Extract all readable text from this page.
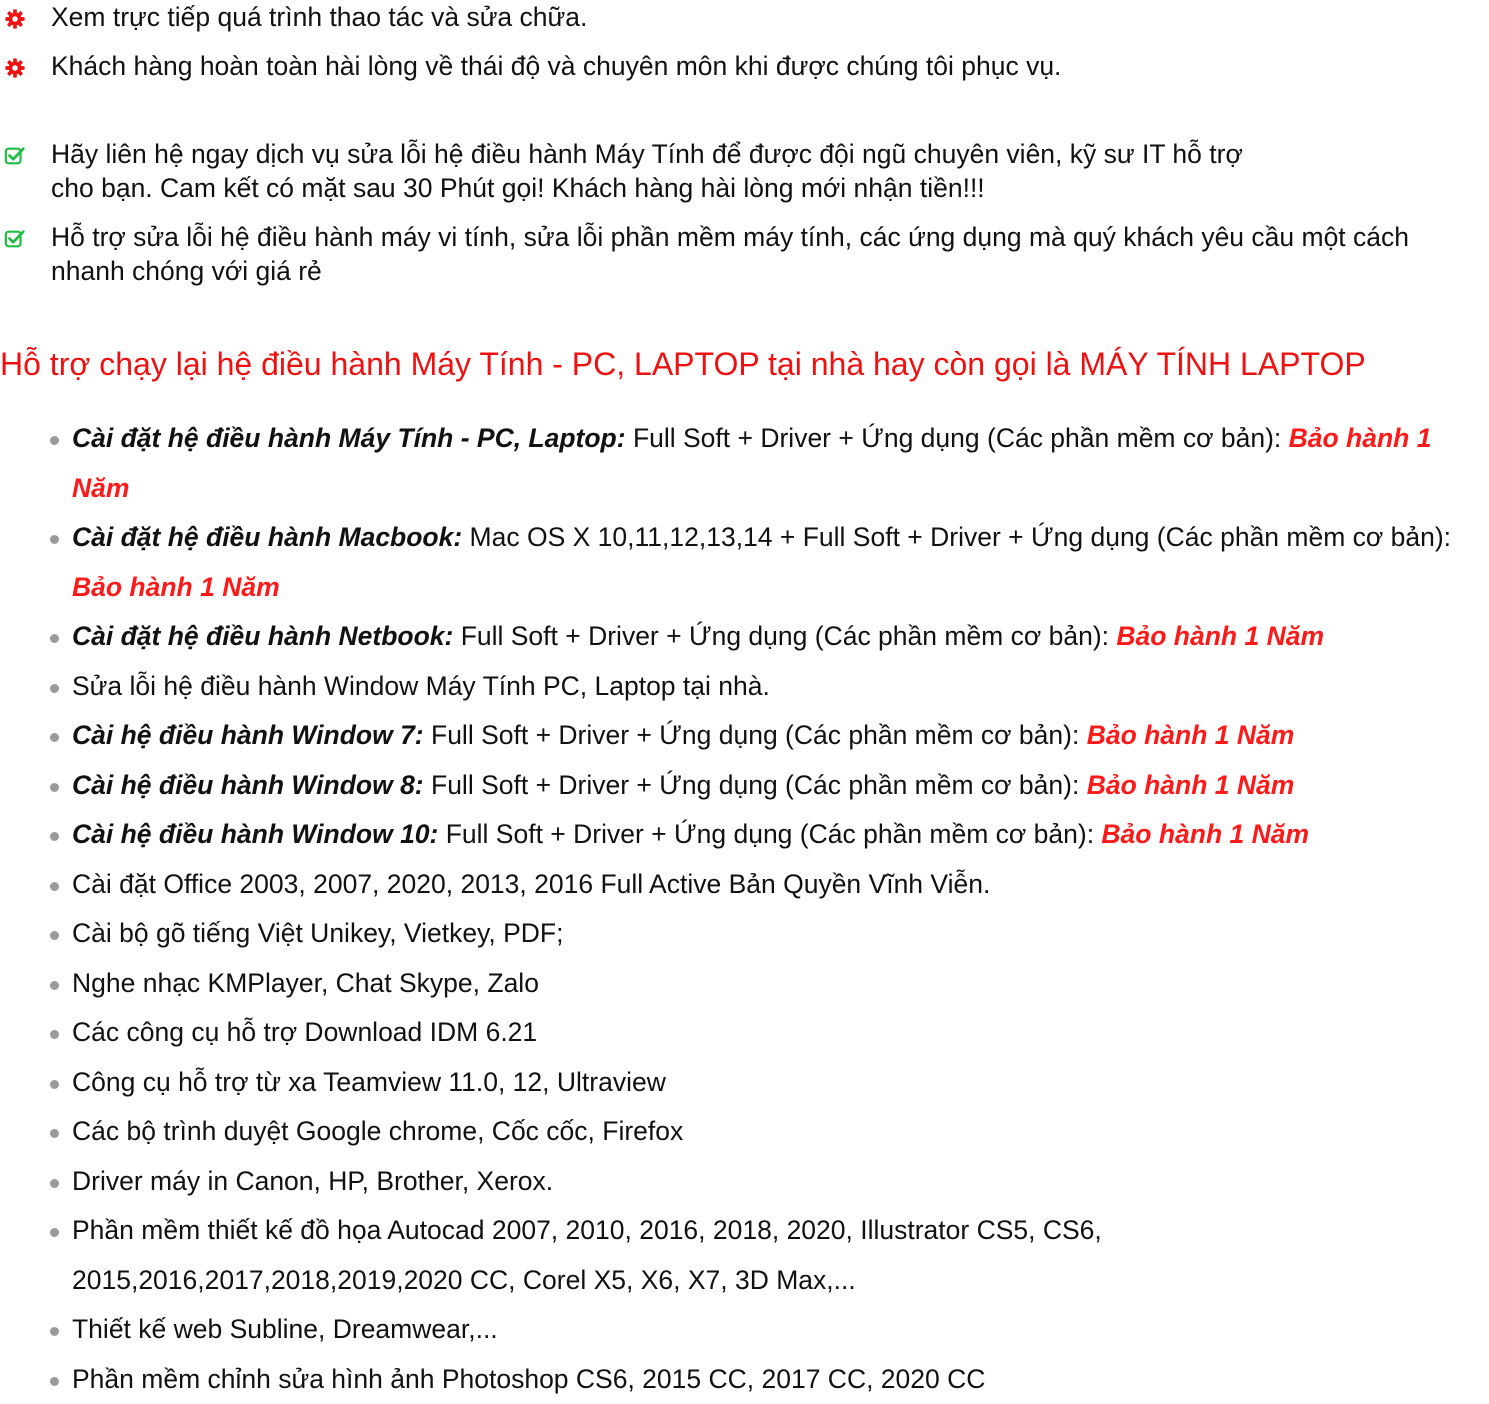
Xem trực tiếp quá trình thao tác và sửa chữa.
Khách hàng hoàn toàn hài lòng về thái độ và chuyên môn khi được chúng tôi phục vụ.
Hãy liên hệ ngay dịch vụ sửa lỗi hệ điều hành Máy Tính để được đội ngũ chuyên viên, kỹ sư IT hỗ trợ cho bạn. Cam kết có mặt sau 30 Phút gọi! Khách hàng hài lòng mới nhận tiền!!!
Hỗ trợ sửa lỗi hệ điều hành máy vi tính, sửa lỗi phần mềm máy tính, các ứng dụng mà quý khách yêu cầu một cách nhanh chóng với giá rẻ
Hỗ trợ chạy lại hệ điều hành Máy Tính - PC, LAPTOP tại nhà hay còn gọi là MÁY TÍNH LAPTOP
Cài đặt hệ điều hành Máy Tính - PC, Laptop: Full Soft + Driver + Ứng dụng (Các phần mềm cơ bản): Bảo hành 1 Năm
Cài đặt hệ điều hành Macbook: Mac OS X 10,11,12,13,14 + Full Soft + Driver + Ứng dụng (Các phần mềm cơ bản): Bảo hành 1 Năm
Cài đặt hệ điều hành Netbook: Full Soft + Driver + Ứng dụng (Các phần mềm cơ bản): Bảo hành 1 Năm
Sửa lỗi hệ điều hành Window Máy Tính PC, Laptop tại nhà.
Cài hệ điều hành Window 7: Full Soft + Driver + Ứng dụng (Các phần mềm cơ bản): Bảo hành 1 Năm
Cài hệ điều hành Window 8: Full Soft + Driver + Ứng dụng (Các phần mềm cơ bản): Bảo hành 1 Năm
Cài hệ điều hành Window 10: Full Soft + Driver + Ứng dụng (Các phần mềm cơ bản): Bảo hành 1 Năm
Cài đặt Office 2003, 2007, 2020, 2013, 2016 Full Active Bản Quyền Vĩnh Viễn.
Cài bộ gõ tiếng Việt Unikey, Vietkey, PDF;
Nghe nhạc KMPlayer, Chat Skype, Zalo
Các công cụ hỗ trợ Download IDM 6.21
Công cụ hỗ trợ từ xa Teamview 11.0, 12, Ultraview
Các bộ trình duyệt Google chrome, Cốc cốc, Firefox
Driver máy in Canon, HP, Brother, Xerox.
Phần mềm thiết kế đồ họa Autocad 2007, 2010, 2016, 2018, 2020, Illustrator CS5, CS6, 2015,2016,2017,2018,2019,2020 CC, Corel X5, X6, X7, 3D Max,...
Thiết kế web Subline, Dreamwear,...
Phần mềm chỉnh sửa hình ảnh Photoshop CS6, 2015 CC, 2017 CC, 2020 CC
